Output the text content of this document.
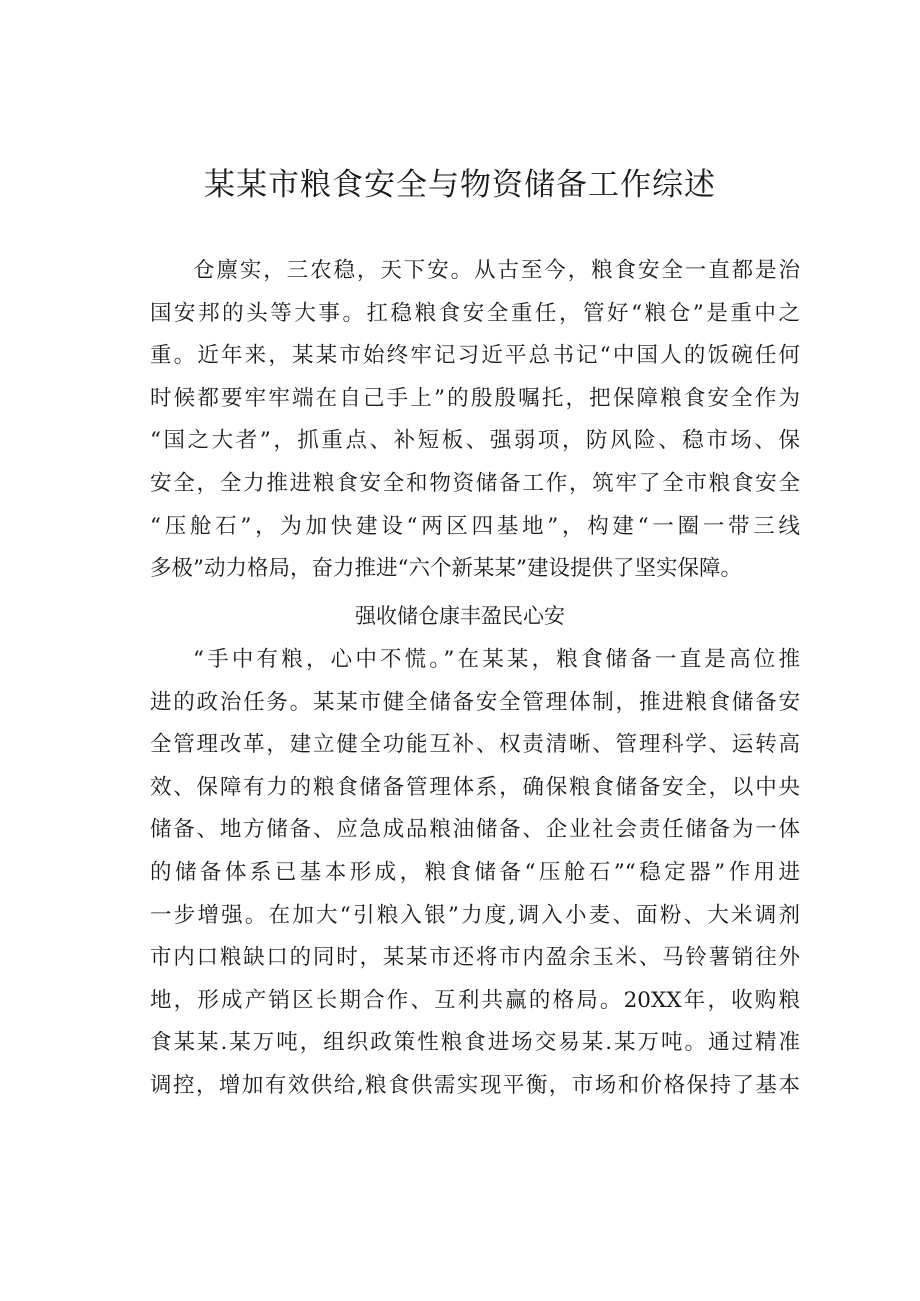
某某市粮食安全与物资储备工作综述
仓廪实，三农稳，天下安。从古至今，粮食安全一直都是治
国安邦的头等大事。扛稳粮食安全重任，管好“粮仓”是重中之
重。近年来，某某市始终牢记习近平总书记“中国人的饭碗任何
时候都要牢牢端在自己手上”的殷殷嘱托，把保障粮食安全作为
“国之大者”，抓重点、补短板、强弱项，防风险、稳市场、保
安全，全力推进粮食安全和物资储备工作，筑牢了全市粮食安全
“压舱石”，为加快建设“两区四基地”，构建“一圈一带三线
多极”动力格局，奋力推进“六个新某某”建设提供了坚实保障。
强收储仓康丰盈民心安
“手中有粮，心中不慌。”在某某，粮食储备一直是高位推
进的政治任务。某某市健全储备安全管理体制，推进粮食储备安
全管理改革，建立健全功能互补、权责清晰、管理科学、运转高
效、保障有力的粮食储备管理体系，确保粮食储备安全，以中央
储备、地方储备、应急成品粮油储备、企业社会责任储备为一体
的储备体系已基本形成，粮食储备“压舱石”“稳定器”作用进
一步增强。在加大“引粮入银”力度,调入小麦、面粉、大米调剂
市内口粮缺口的同时，某某市还将市内盈余玉米、马铃薯销往外
地，形成产销区长期合作、互利共赢的格局。20XX年，收购粮
食某某.某万吨，组织政策性粮食进场交易某.某万吨。通过精准
调控，增加有效供给,粮食供需实现平衡，市场和价格保持了基本
